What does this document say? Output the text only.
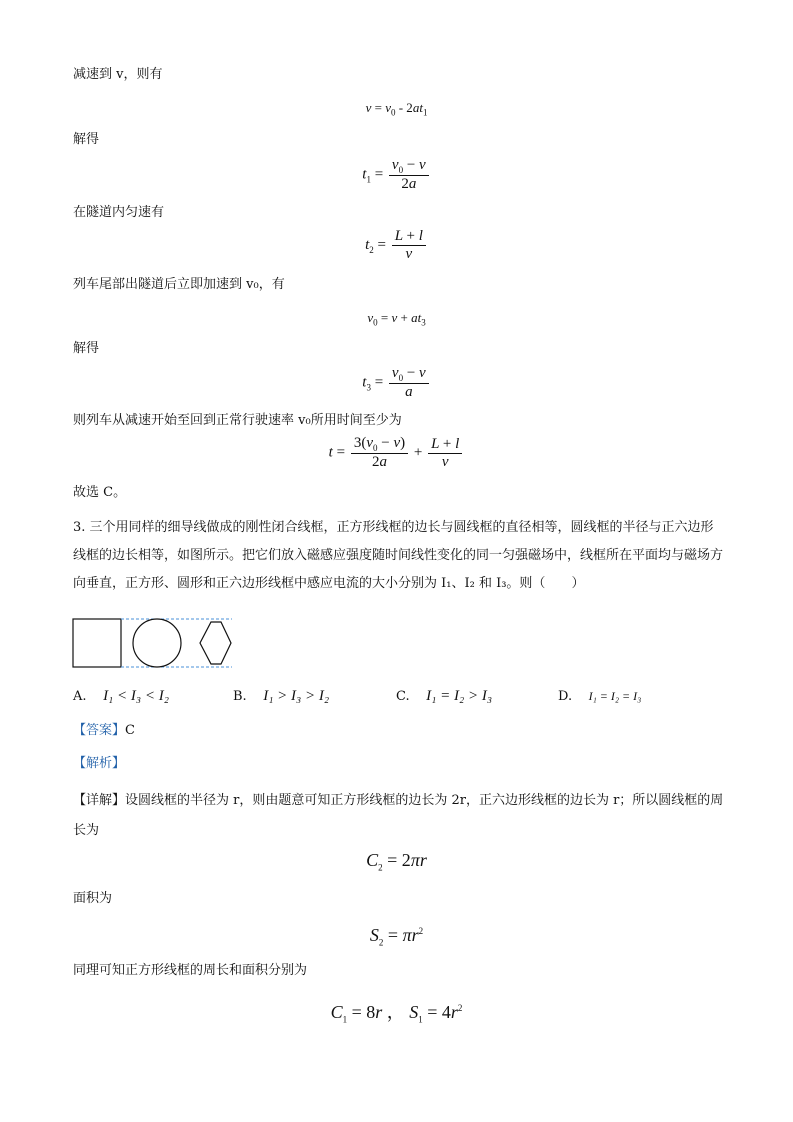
减速到 v，则有
$v = v_0 - 2at_1$
解得
$t_1 = \frac{v_0 - v}{2a}$
在隧道内匀速有
$t_2 = \frac{L + l}{v}$
列车尾部出隧道后立即加速到 v₀，有
$v_0 = v + at_3$
解得
$t_3 = \frac{v_0 - v}{a}$
则列车从减速开始至回到正常行驶速率 v₀所用时间至少为
$t = \frac{3(v_0 - v)}{2a} + \frac{L + l}{v}$
故选 C。
3. 三个用同样的细导线做成的刚性闭合线框，正方形线框的边长与圆线框的直径相等，圆线框的半径与正六边形线框的边长相等，如图所示。把它们放入磁感应强度随时间线性变化的同一匀强磁场中，线框所在平面均与磁场方向垂直，正方形、圆形和正六边形线框中感应电流的大小分别为 I₁、I₂ 和 I₃。则（　　）
A. I₁ < I₃ < I₂	B. I₁ > I₃ > I₂	C. I₁ = I₂ > I₃	D. I₁ = I₂ = I₃
【答案】C
【解析】
【详解】设圆线框的半径为 r，则由题意可知正方形线框的边长为 2r，正六边形线框的边长为 r；所以圆线框的周长为
$C_2 = 2\pi r$
面积为
$S_2 = \pi r^2$
同理可知正方形线框的周长和面积分别为
$C_1 = 8r$ ， $S_1 = 4r^2$
